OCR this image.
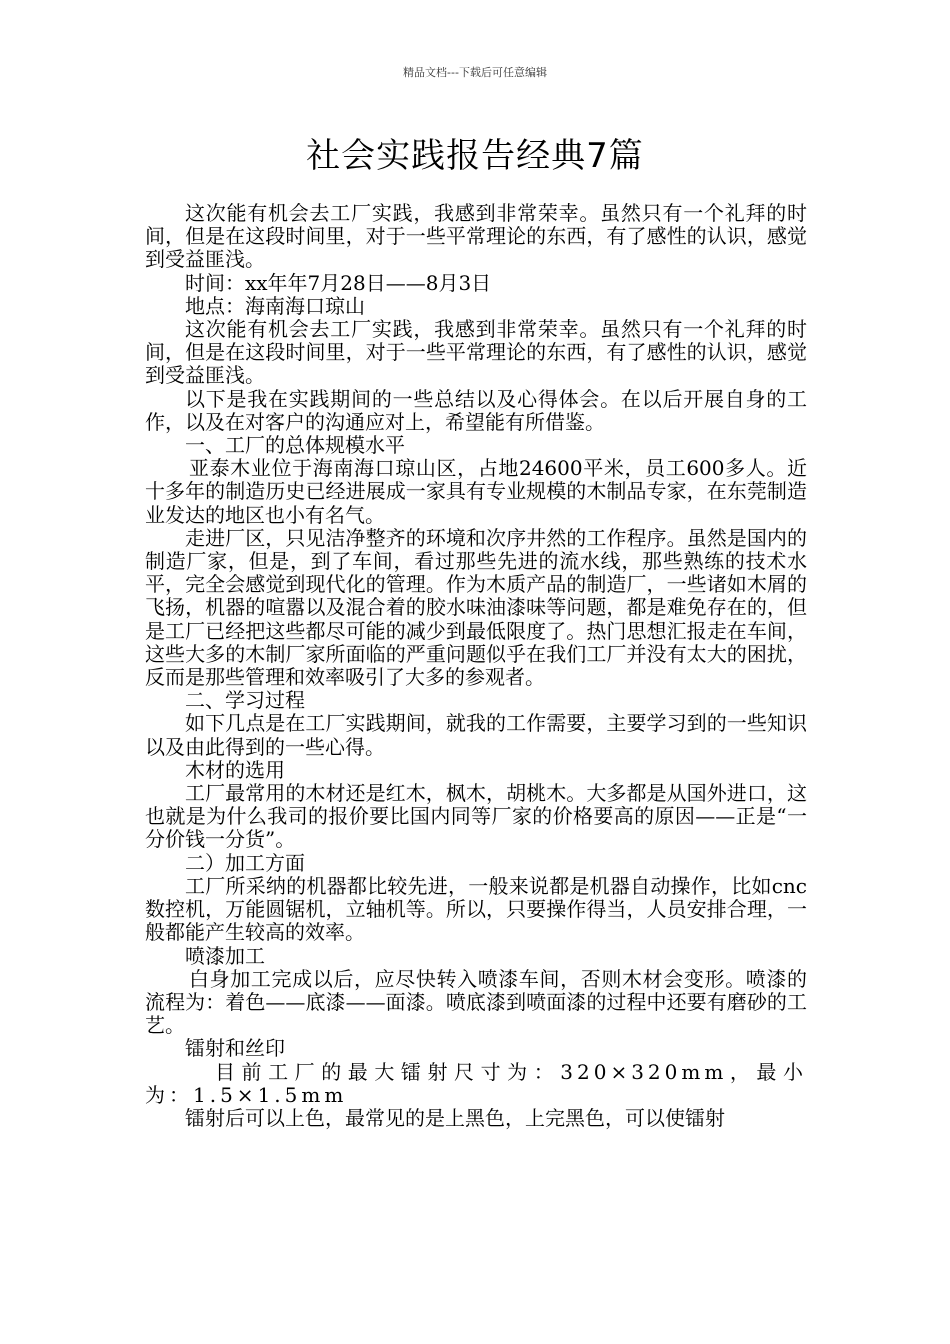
精品文档---下载后可任意编辑
社会实践报告经典7篇

这次能有机会去工厂实践，我感到非常荣幸。虽然只有一个礼拜的时间，但是在这段时间里，对于一些平常理论的东西，有了感性的认识，感觉到受益匪浅。

时间：xx年年7月28日——8月3日

地点：海南海口琼山

这次能有机会去工厂实践，我感到非常荣幸。虽然只有一个礼拜的时间，但是在这段时间里，对于一些平常理论的东西，有了感性的认识，感觉到受益匪浅。

以下是我在实践期间的一些总结以及心得体会。在以后开展自身的工作，以及在对客户的沟通应对上，希望能有所借鉴。

一、工厂的总体规模水平

亚泰木业位于海南海口琼山区，占地24600平米，员工600多人。近十多年的制造历史已经进展成一家具有专业规模的木制品专家，在东莞制造业发达的地区也小有名气。

走进厂区，只见洁净整齐的环境和次序井然的工作程序。虽然是国内的制造厂家，但是，到了车间，看过那些先进的流水线，那些熟练的技术水平，完全会感觉到现代化的管理。作为木质产品的制造厂，一些诸如木屑的飞扬，机器的喧嚣以及混合着的胶水味油漆味等问题，都是难免存在的，但是工厂已经把这些都尽可能的减少到最低限度了。热门思想汇报走在车间，这些大多的木制厂家所面临的严重问题似乎在我们工厂并没有太大的困扰，反而是那些管理和效率吸引了大多的参观者。

二、学习过程

如下几点是在工厂实践期间，就我的工作需要，主要学习到的一些知识以及由此得到的一些心得。

木材的选用

工厂最常用的木材还是红木，枫木，胡桃木。大多都是从国外进口，这也就是为什么我司的报价要比国内同等厂家的价格要高的原因——正是“一分价钱一分货”。

二）加工方面

工厂所采纳的机器都比较先进，一般来说都是机器自动操作，比如cnc数控机，万能圆锯机，立轴机等。所以，只要操作得当，人员安排合理，一般都能产生较高的效率。

喷漆加工

白身加工完成以后，应尽快转入喷漆车间，否则木材会变形。喷漆的流程为：着色——底漆——面漆。喷底漆到喷面漆的过程中还要有磨砂的工艺。

镭射和丝印

目前工厂的最大镭射尺寸为：320×320mm，最小为：1.5×1.5mm

镭射后可以上色，最常见的是上黑色，上完黑色，可以使镭射
